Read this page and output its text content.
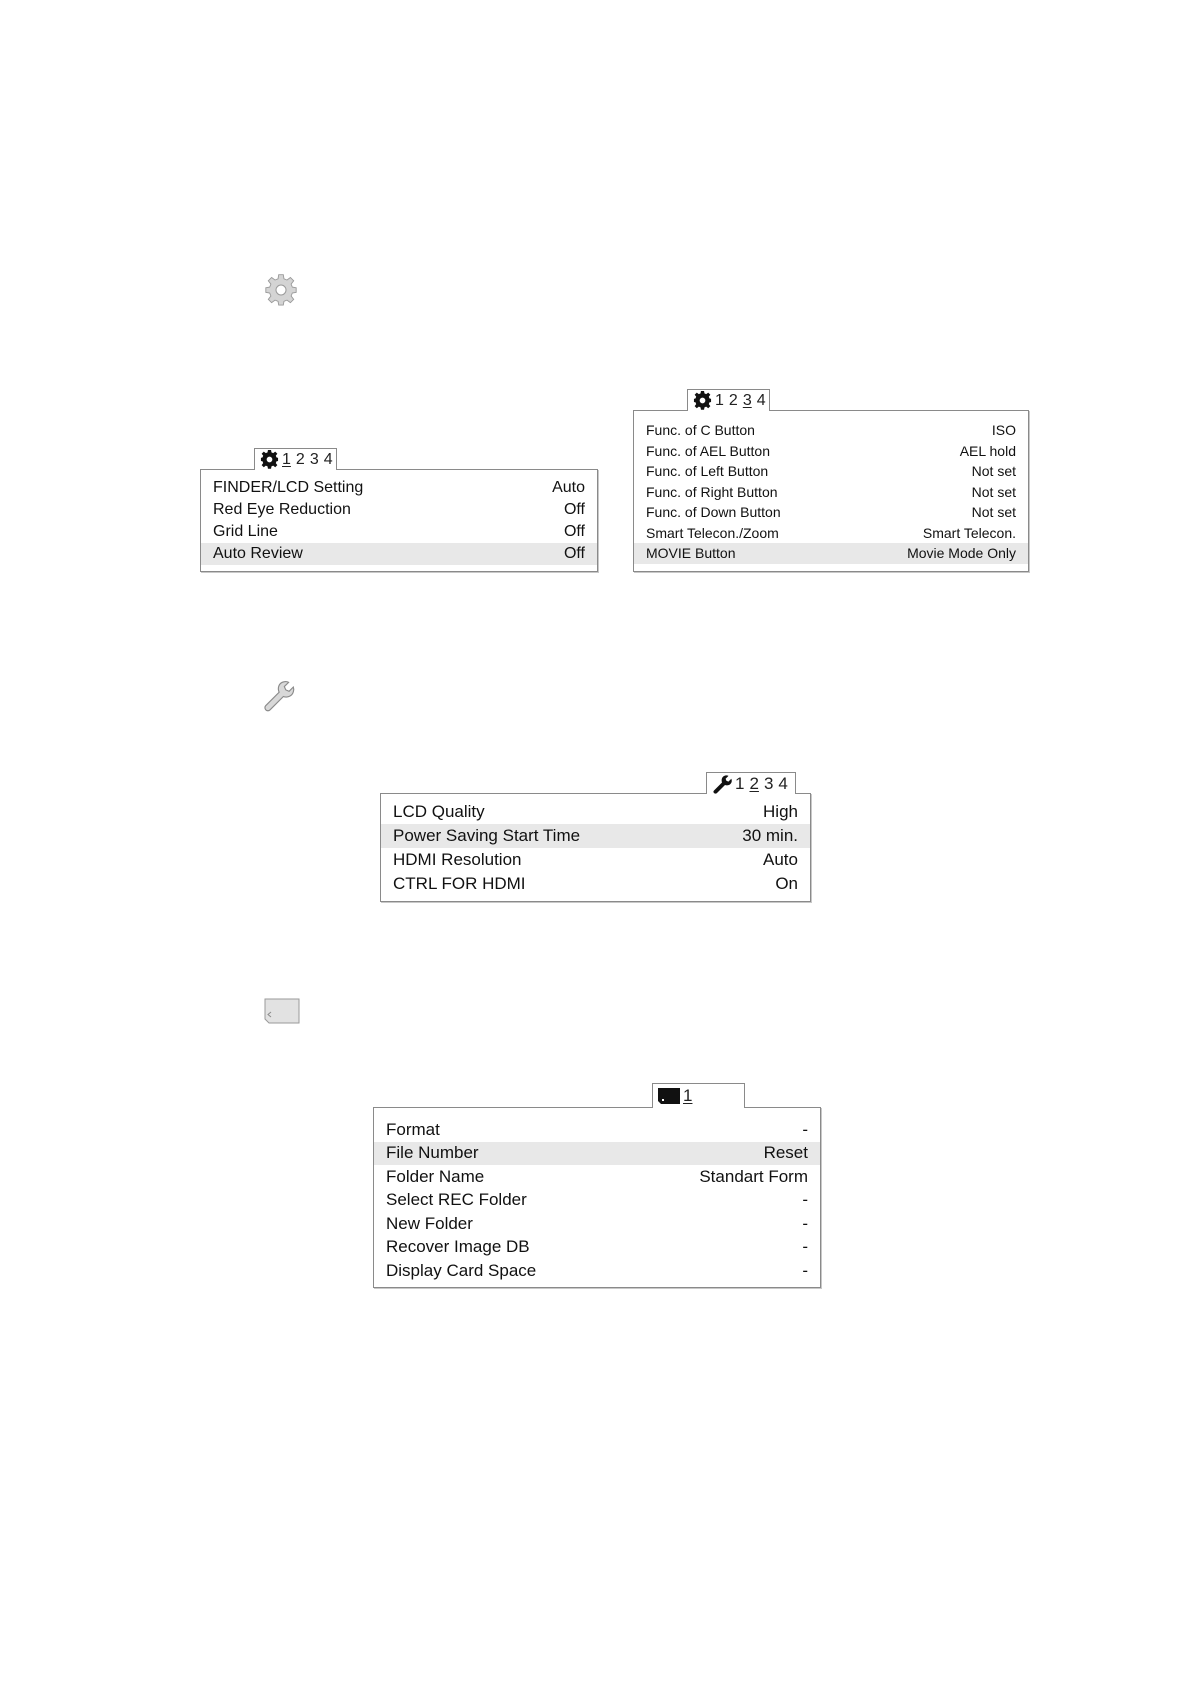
1 2 3 4
FINDER/LCD Setting	Auto
Red Eye Reduction	Off
Grid Line	Off
Auto Review	Off
1 2 3 4
Func. of C Button	ISO
Func. of AEL Button	AEL hold
Func. of Left Button	Not set
Func. of Right Button	Not set
Func. of Down Button	Not set
Smart Telecon./Zoom	Smart Telecon.
MOVIE Button	Movie Mode Only
1 2 3 4
LCD Quality	High
Power Saving Start Time	30 min.
HDMI Resolution	Auto
CTRL FOR HDMI	On
1
Format	-
File Number	Reset
Folder Name	Standart Form
Select REC Folder	-
New Folder	-
Recover Image DB	-
Display Card Space	-
